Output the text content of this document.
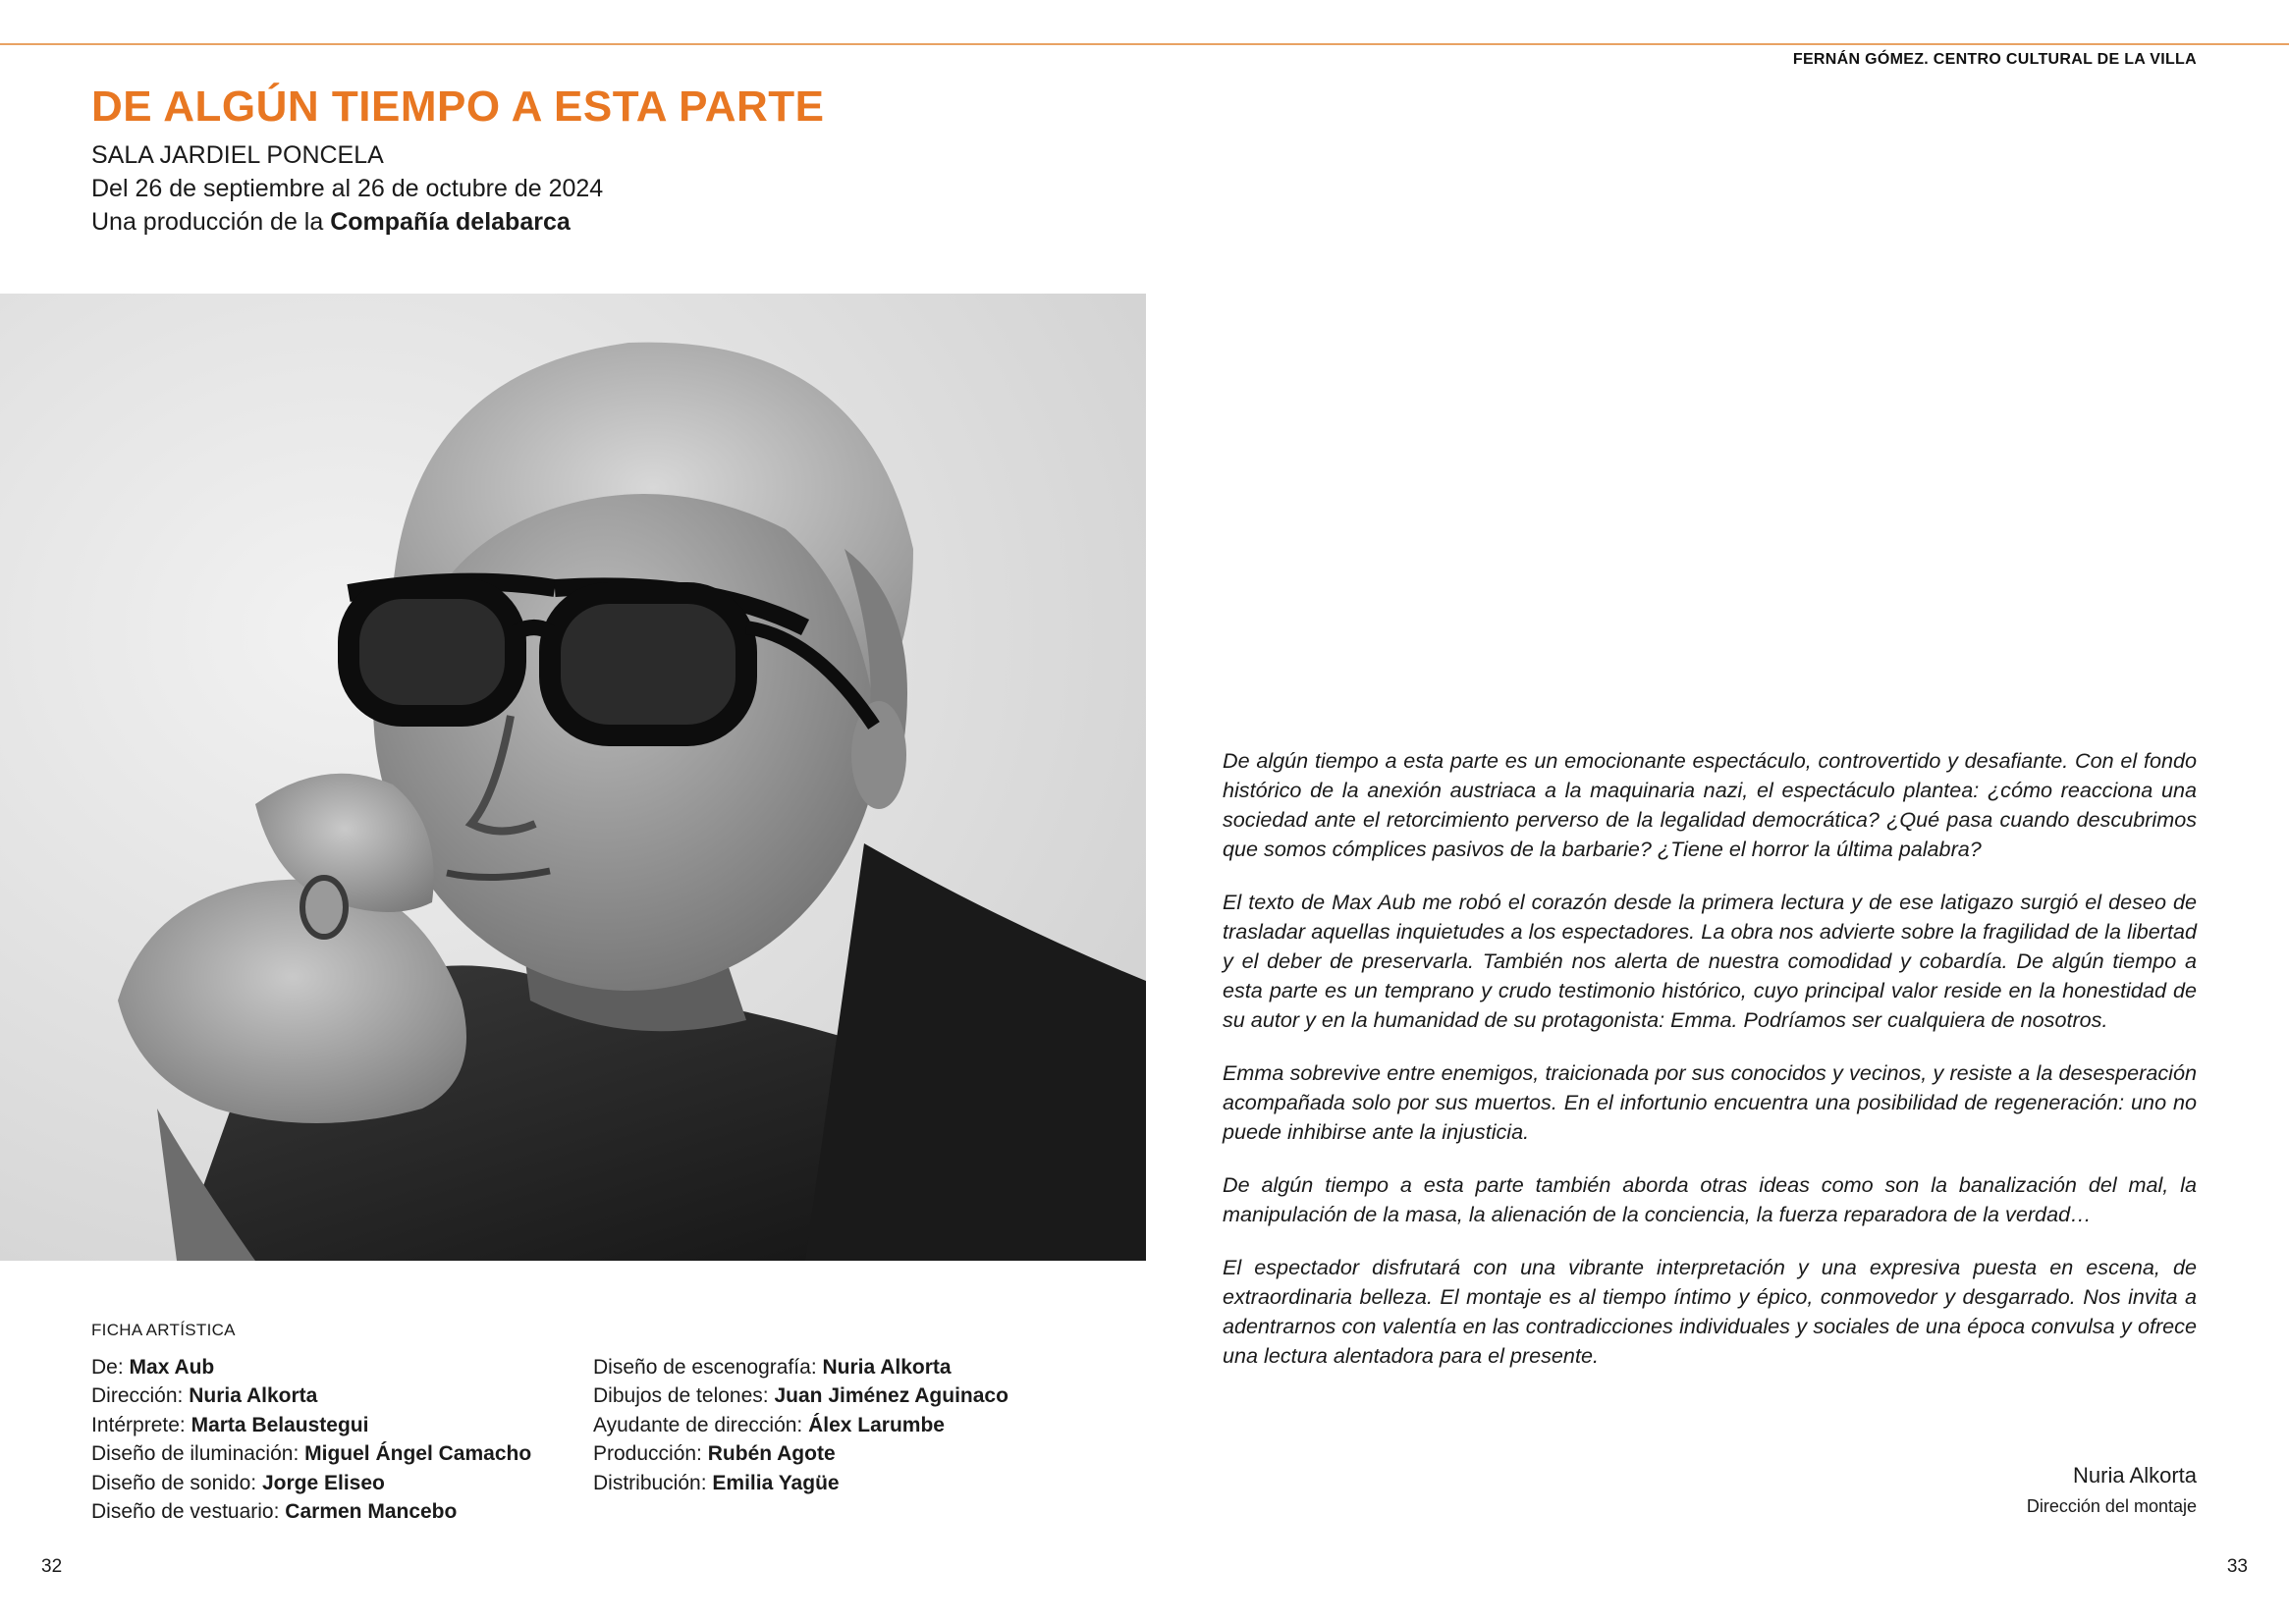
FERNÁN GÓMEZ. CENTRO CULTURAL DE LA VILLA
DE ALGÚN TIEMPO A ESTA PARTE
SALA JARDIEL PONCELA
Del 26 de septiembre al 26 de octubre de 2024
Una producción de la Compañía delabarca
FICHA ARTÍSTICA
De: Max Aub
Dirección: Nuria Alkorta
Intérprete: Marta Belaustegui
Diseño de iluminación: Miguel Ángel Camacho
Diseño de sonido: Jorge Eliseo
Diseño de vestuario: Carmen Mancebo
Diseño de escenografía: Nuria Alkorta
Dibujos de telones: Juan Jiménez Aguinaco
Ayudante de dirección: Álex Larumbe
Producción: Rubén Agote
Distribución: Emilia Yagüe

De algún tiempo a esta parte es un emocionante espectáculo, controvertido y desafiante. Con el fondo histórico de la anexión austriaca a la maquinaria nazi, el espectáculo plantea: ¿cómo reacciona una sociedad ante el retorcimiento perverso de la legalidad democrática? ¿Qué pasa cuando descubrimos que somos cómplices pasivos de la barbarie? ¿Tiene el horror la última palabra?

El texto de Max Aub me robó el corazón desde la primera lectura y de ese latigazo surgió el deseo de trasladar aquellas inquietudes a los espectadores. La obra nos advierte sobre la fragilidad de la libertad y el deber de preservarla. También nos alerta de nuestra comodidad y cobardía. De algún tiempo a esta parte es un temprano y crudo testimonio histórico, cuyo principal valor reside en la honestidad de su autor y en la humanidad de su protagonista: Emma. Podríamos ser cualquiera de nosotros.

Emma sobrevive entre enemigos, traicionada por sus conocidos y vecinos, y resiste a la desesperación acompañada solo por sus muertos. En el infortunio encuentra una posibilidad de regeneración: uno no puede inhibirse ante la injusticia.

De algún tiempo a esta parte también aborda otras ideas como son la banalización del mal, la manipulación de la masa, la alienación de la conciencia, la fuerza reparadora de la verdad…

El espectador disfrutará con una vibrante interpretación y una expresiva puesta en escena, de extraordinaria belleza. El montaje es al tiempo íntimo y épico, conmovedor y desgarrado. Nos invita a adentrarnos con valentía en las contradicciones individuales y sociales de una época convulsa y ofrece una lectura alentadora para el presente.

Nuria Alkorta
Dirección del montaje
32	33
